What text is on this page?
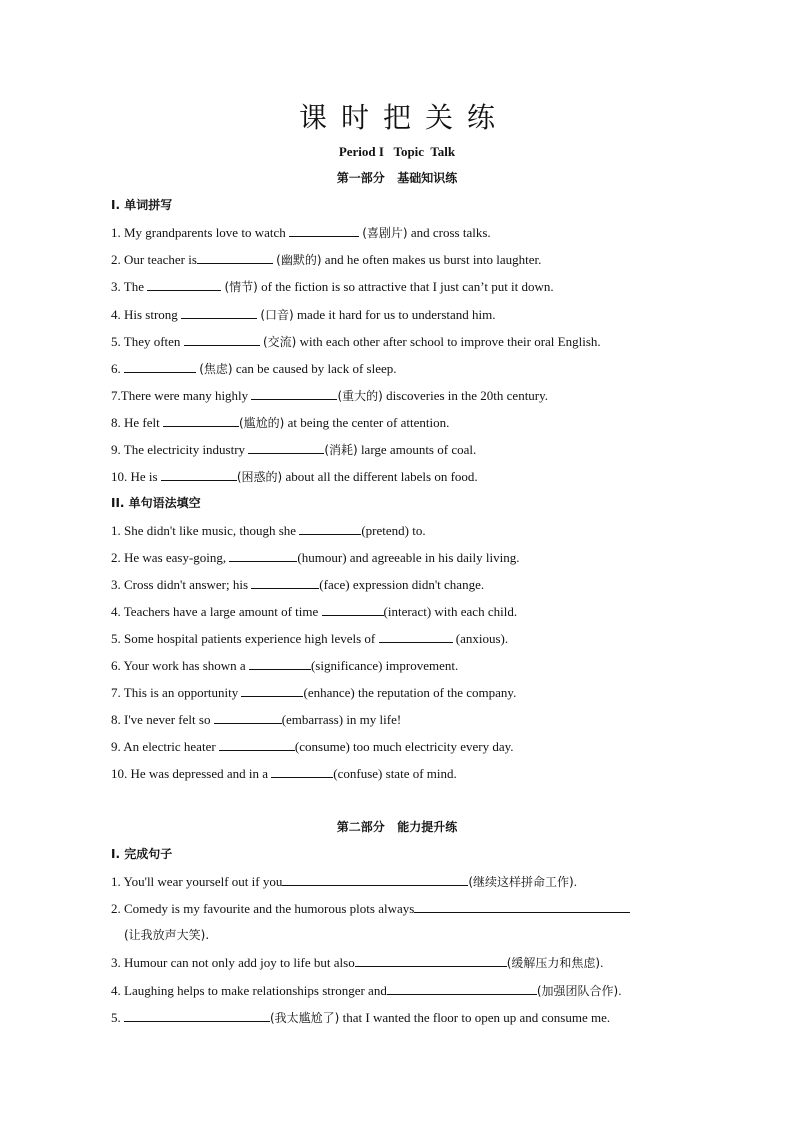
课时把关练
Period I   Topic  Talk
第一部分   基础知识练
I. 单词拼写
1. My grandparents love to watch	(喜剧片) and cross talks.
2. Our teacher is	(幽默的) and he often makes us burst into laughter.
3. The	(情节) of the fiction is so attractive that I just can’t put it down.
4. His strong	(口音) made it hard for us to understand him.
5. They often	(交流) with each other after school to improve their oral English.
6.	(焦虑) can be caused by lack of sleep.
7.There were many highly	(重大的) discoveries in the 20th century.
8. He felt	(尴尬的) at being the center of attention.
9. The electricity industry	(消耗) large amounts of coal.
10. He is	(困惑的) about all the different labels on food.
II. 单句语法填空
1. She didn't like music, though she	(pretend) to.
2. He was easy-going,	(humour) and agreeable in his daily living.
3. Cross didn't answer; his	(face) expression didn't change.
4. Teachers have a large amount of time	(interact) with each child.
5. Some hospital patients experience high levels of	(anxious).
6. Your work has shown a	(significance) improvement.
7. This is an opportunity	(enhance) the reputation of the company.
8. I've never felt so	(embarrass) in my life!
9. An electric heater	(consume) too much electricity every day.
10. He was depressed and in a	(confuse) state of mind.
第二部分   能力提升练
I. 完成句子
1. You'll wear yourself out if you	(继续这样拼命工作).
2. Comedy is my favourite and the humorous plots always
(让我放声大笑).
3. Humour can not only add joy to life but also	(缓解压力和焦虑).
4. Laughing helps to make relationships stronger and	(加强团队合作).
5.	(我太尴尬了) that I wanted the floor to open up and consume me.
